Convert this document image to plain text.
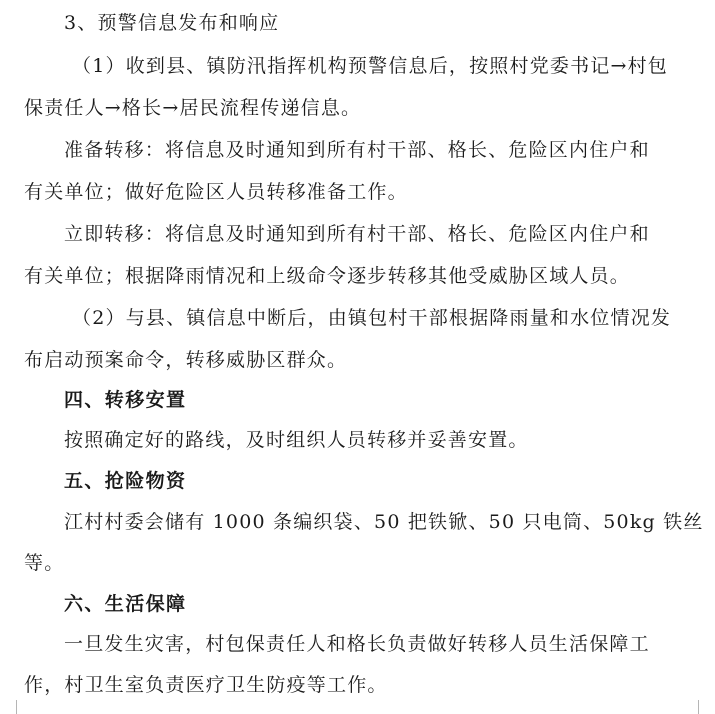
3、预警信息发布和响应
（1）收到县、镇防汛指挥机构预警信息后，按照村党委书记→村包
保责任人→格长→居民流程传递信息。
准备转移：将信息及时通知到所有村干部、格长、危险区内住户和
有关单位；做好危险区人员转移准备工作。
立即转移：将信息及时通知到所有村干部、格长、危险区内住户和
有关单位；根据降雨情况和上级命令逐步转移其他受威胁区域人员。
（2）与县、镇信息中断后，由镇包村干部根据降雨量和水位情况发
布启动预案命令，转移威胁区群众。
四、转移安置
按照确定好的路线，及时组织人员转移并妥善安置。
五、抢险物资
江村村委会储有 1000 条编织袋、50 把铁锨、50 只电筒、50kg 铁丝
等。
六、生活保障
一旦发生灾害，村包保责任人和格长负责做好转移人员生活保障工
作，村卫生室负责医疗卫生防疫等工作。
